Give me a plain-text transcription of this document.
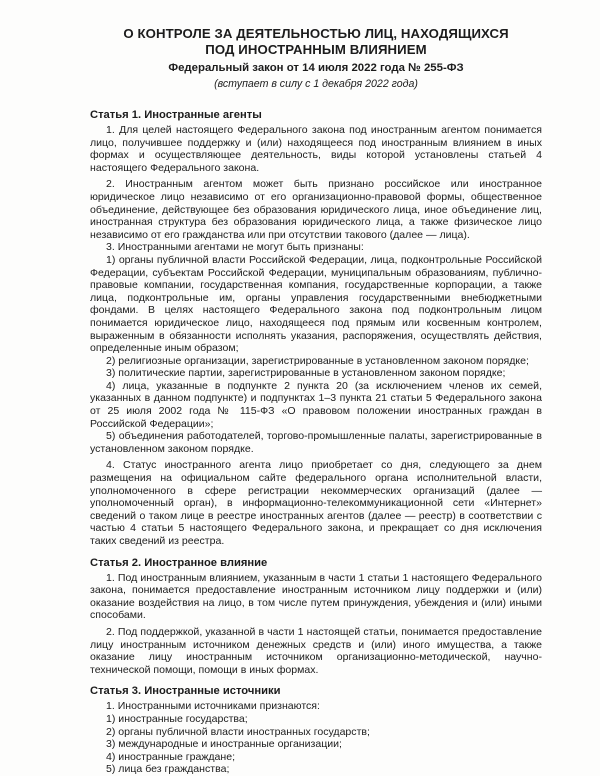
О КОНТРОЛЕ ЗА ДЕЯТЕЛЬНОСТЬЮ ЛИЦ, НАХОДЯЩИХСЯ
ПОД ИНОСТРАННЫМ ВЛИЯНИЕМ
Федеральный закон от 14 июля 2022 года № 255-ФЗ
(вступает в силу с 1 декабря 2022 года)
Статья 1. Иностранные агенты

1. Для целей настоящего Федерального закона под иностранным агентом понимается лицо, получившее поддержку и (или) находящееся под иностранным влиянием в иных формах и осуществляющее деятельность, виды которой установлены статьей 4 настоящего Федерального закона.

2. Иностранным агентом может быть признано российское или иностранное юридическое лицо независимо от его организационно-правовой формы, общественное объединение, действующее без образования юридического лица, иное объединение лиц, иностранная структура без образования юридического лица, а также физическое лицо независимо от его гражданства или при отсутствии такового (далее — лица).

3. Иностранными агентами не могут быть признаны:

1) органы публичной власти Российской Федерации, лица, подконтрольные Российской Федерации, субъектам Российской Федерации, муниципальным образованиям, публично-правовые компании, государственная компания, государственные корпорации, а также лица, подконтрольные им, органы управления государственными внебюджетными фондами. В целях настоящего Федерального закона под подконтрольным лицом понимается юридическое лицо, находящееся под прямым или косвенным контролем, выраженным в обязанности исполнять указания, распоряжения, осуществлять действия, определенные иным образом;

2) религиозные организации, зарегистрированные в установленном законом порядке;

3) политические партии, зарегистрированные в установленном законом порядке;

4) лица, указанные в подпункте 2 пункта 20 (за исключением членов их семей, указанных в данном подпункте) и подпунктах 1–3 пункта 21 статьи 5 Федерального закона от 25 июля 2002 года № 115-ФЗ «О правовом положении иностранных граждан в Российской Федерации»;

5) объединения работодателей, торгово-промышленные палаты, зарегистрированные в установленном законом порядке.

4. Статус иностранного агента лицо приобретает со дня, следующего за днем размещения на официальном сайте федерального органа исполнительной власти, уполномоченного в сфере регистрации некоммерческих организаций (далее — уполномоченный орган), в информационно-телекоммуникационной сети «Интернет» сведений о таком лице в реестре иностранных агентов (далее — реестр) в соответствии с частью 4 статьи 5 настоящего Федерального закона, и прекращает со дня исключения таких сведений из реестра.

Статья 2. Иностранное влияние

1. Под иностранным влиянием, указанным в части 1 статьи 1 настоящего Федерального закона, понимается предоставление иностранным источником лицу поддержки и (или) оказание воздействия на лицо, в том числе путем принуждения, убеждения и (или) иными способами.

2. Под поддержкой, указанной в части 1 настоящей статьи, понимается предоставление лицу иностранным источником денежных средств и (или) иного имущества, а также оказание лицу иностранным источником организационно-методической, научно-технической помощи, помощи в иных формах.

Статья 3. Иностранные источники

1. Иностранными источниками признаются:

1) иностранные государства;

2) органы публичной власти иностранных государств;

3) международные и иностранные организации;

4) иностранные граждане;

5) лица без гражданства;
